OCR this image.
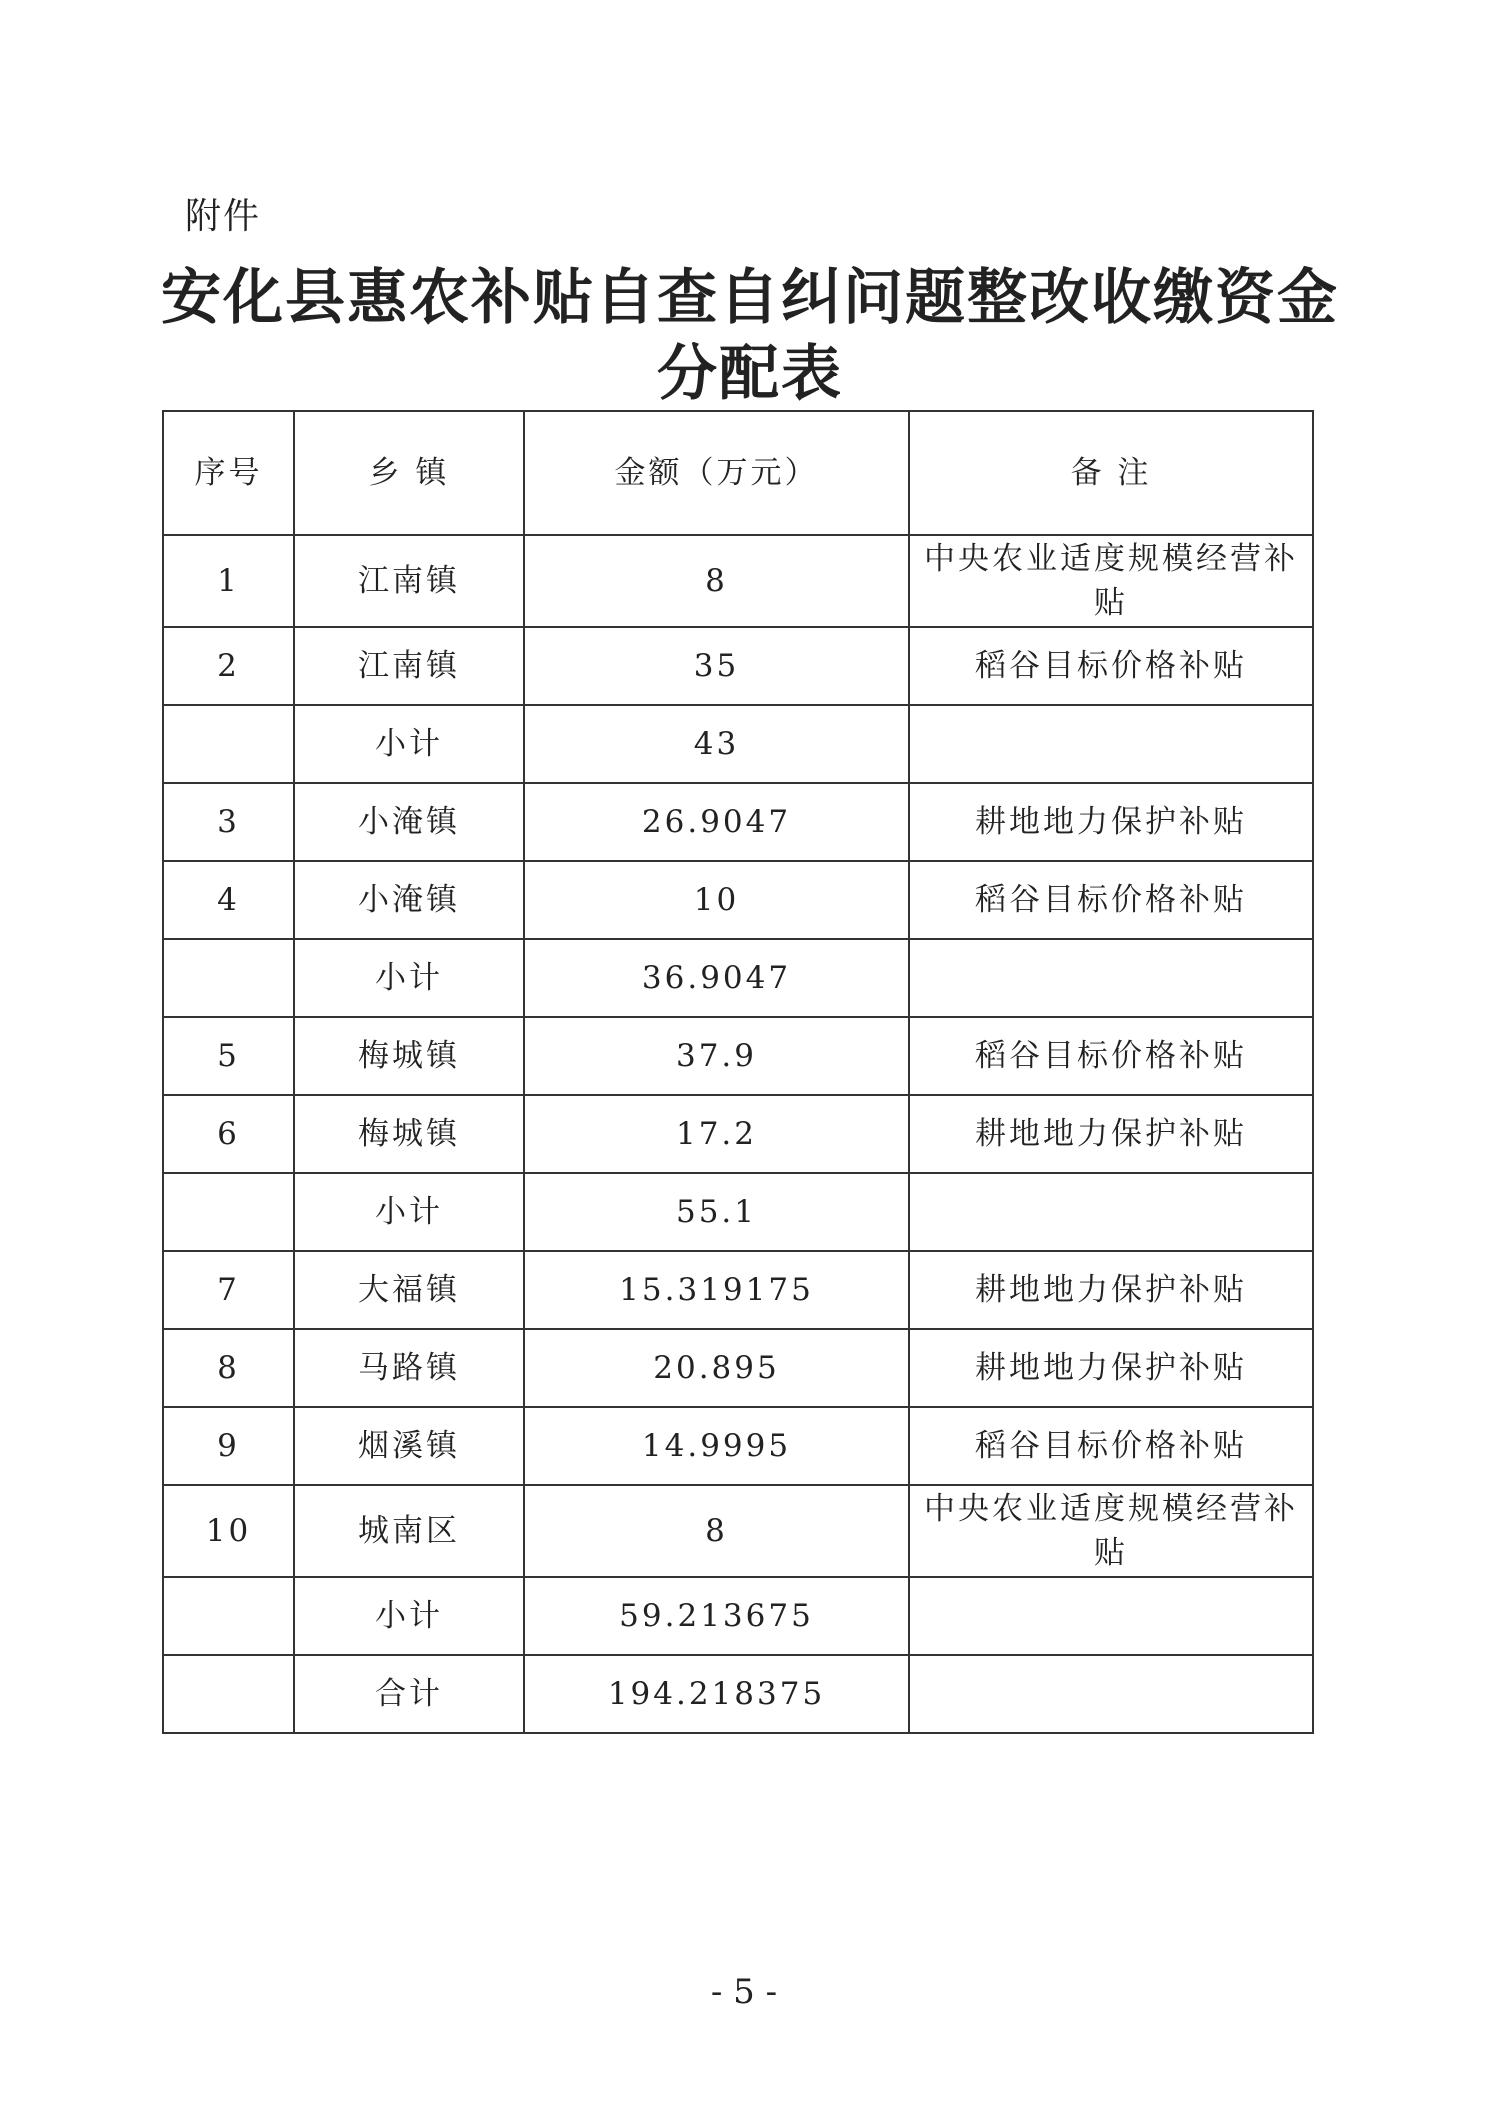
附件
安化县惠农补贴自查自纠问题整改收缴资金
分配表
序号	乡 镇	金额（万元）	备 注
1	江南镇	8	中央农业适度规模经营补贴
2	江南镇	35	稻谷目标价格补贴
	小计	43	
3	小淹镇	26.9047	耕地地力保护补贴
4	小淹镇	10	稻谷目标价格补贴
	小计	36.9047	
5	梅城镇	37.9	稻谷目标价格补贴
6	梅城镇	17.2	耕地地力保护补贴
	小计	55.1	
7	大福镇	15.319175	耕地地力保护补贴
8	马路镇	20.895	耕地地力保护补贴
9	烟溪镇	14.9995	稻谷目标价格补贴
10	城南区	8	中央农业适度规模经营补贴
	小计	59.213675	
	合计	194.218375	
- 5 -
